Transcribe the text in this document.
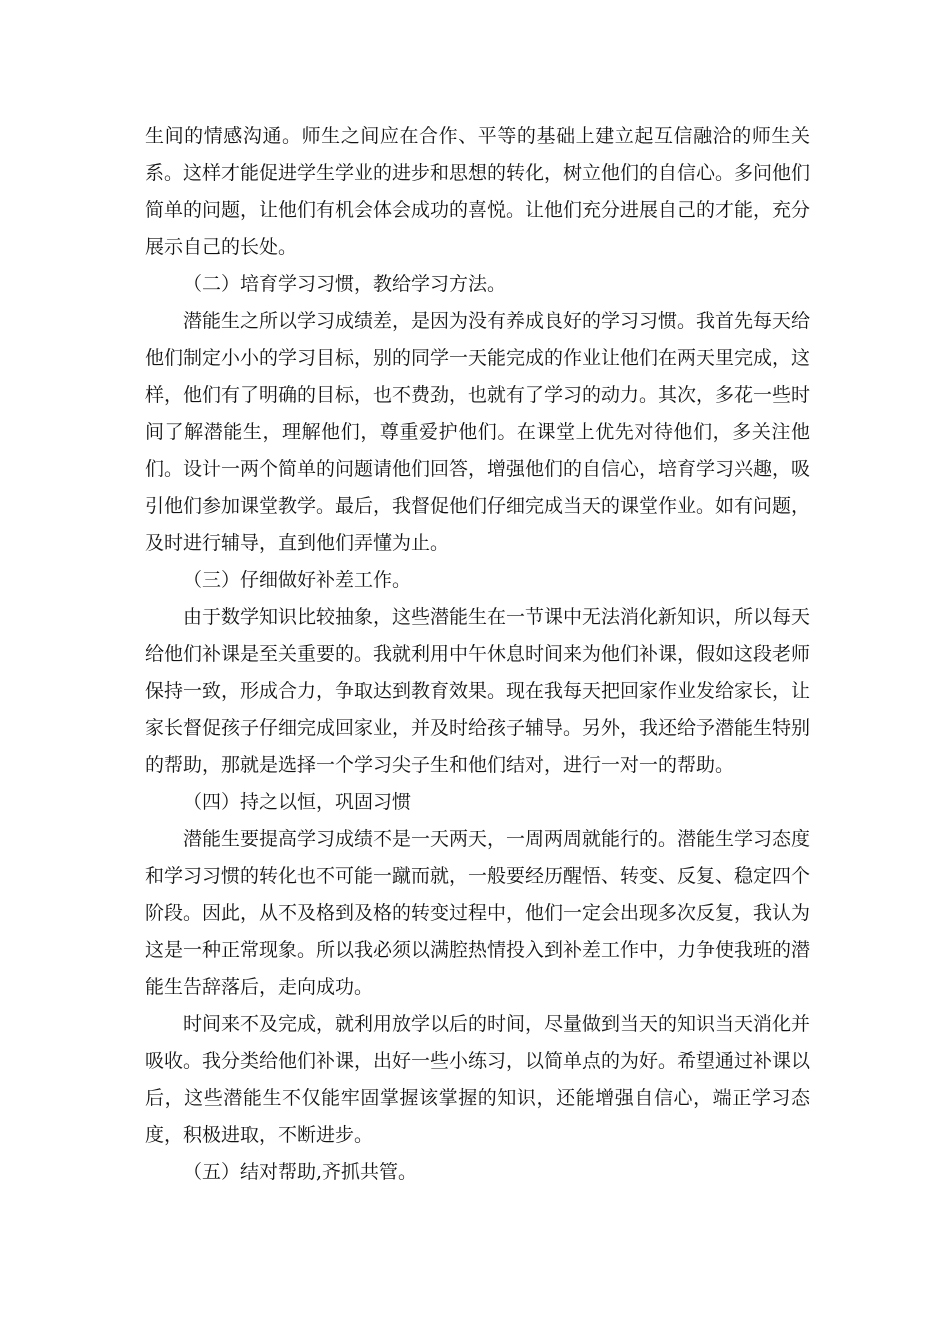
生间的情感沟通。师生之间应在合作、平等的基础上建立起互信融洽的师生关系。这样才能促进学生学业的进步和思想的转化，树立他们的自信心。多问他们简单的问题，让他们有机会体会成功的喜悦。让他们充分进展自己的才能，充分展示自己的长处。

（二）培育学习习惯，教给学习方法。

潜能生之所以学习成绩差，是因为没有养成良好的学习习惯。我首先每天给他们制定小小的学习目标，别的同学一天能完成的作业让他们在两天里完成，这样，他们有了明确的目标，也不费劲，也就有了学习的动力。其次，多花一些时间了解潜能生，理解他们，尊重爱护他们。在课堂上优先对待他们，多关注他们。设计一两个简单的问题请他们回答，增强他们的自信心，培育学习兴趣，吸引他们参加课堂教学。最后，我督促他们仔细完成当天的课堂作业。如有问题，及时进行辅导，直到他们弄懂为止。

（三）仔细做好补差工作。

由于数学知识比较抽象，这些潜能生在一节课中无法消化新知识，所以每天给他们补课是至关重要的。我就利用中午休息时间来为他们补课，假如这段老师保持一致，形成合力，争取达到教育效果。现在我每天把回家作业发给家长，让家长督促孩子仔细完成回家业，并及时给孩子辅导。另外，我还给予潜能生特别的帮助，那就是选择一个学习尖子生和他们结对，进行一对一的帮助。

（四）持之以恒，巩固习惯

潜能生要提高学习成绩不是一天两天，一周两周就能行的。潜能生学习态度和学习习惯的转化也不可能一蹴而就，一般要经历醒悟、转变、反复、稳定四个阶段。因此，从不及格到及格的转变过程中，他们一定会出现多次反复，我认为这是一种正常现象。所以我必须以满腔热情投入到补差工作中，力争使我班的潜能生告辞落后，走向成功。

时间来不及完成，就利用放学以后的时间，尽量做到当天的知识当天消化并吸收。我分类给他们补课，出好一些小练习，以简单点的为好。希望通过补课以后，这些潜能生不仅能牢固掌握该掌握的知识，还能增强自信心，端正学习态度，积极进取，不断进步。

（五）结对帮助,齐抓共管。
